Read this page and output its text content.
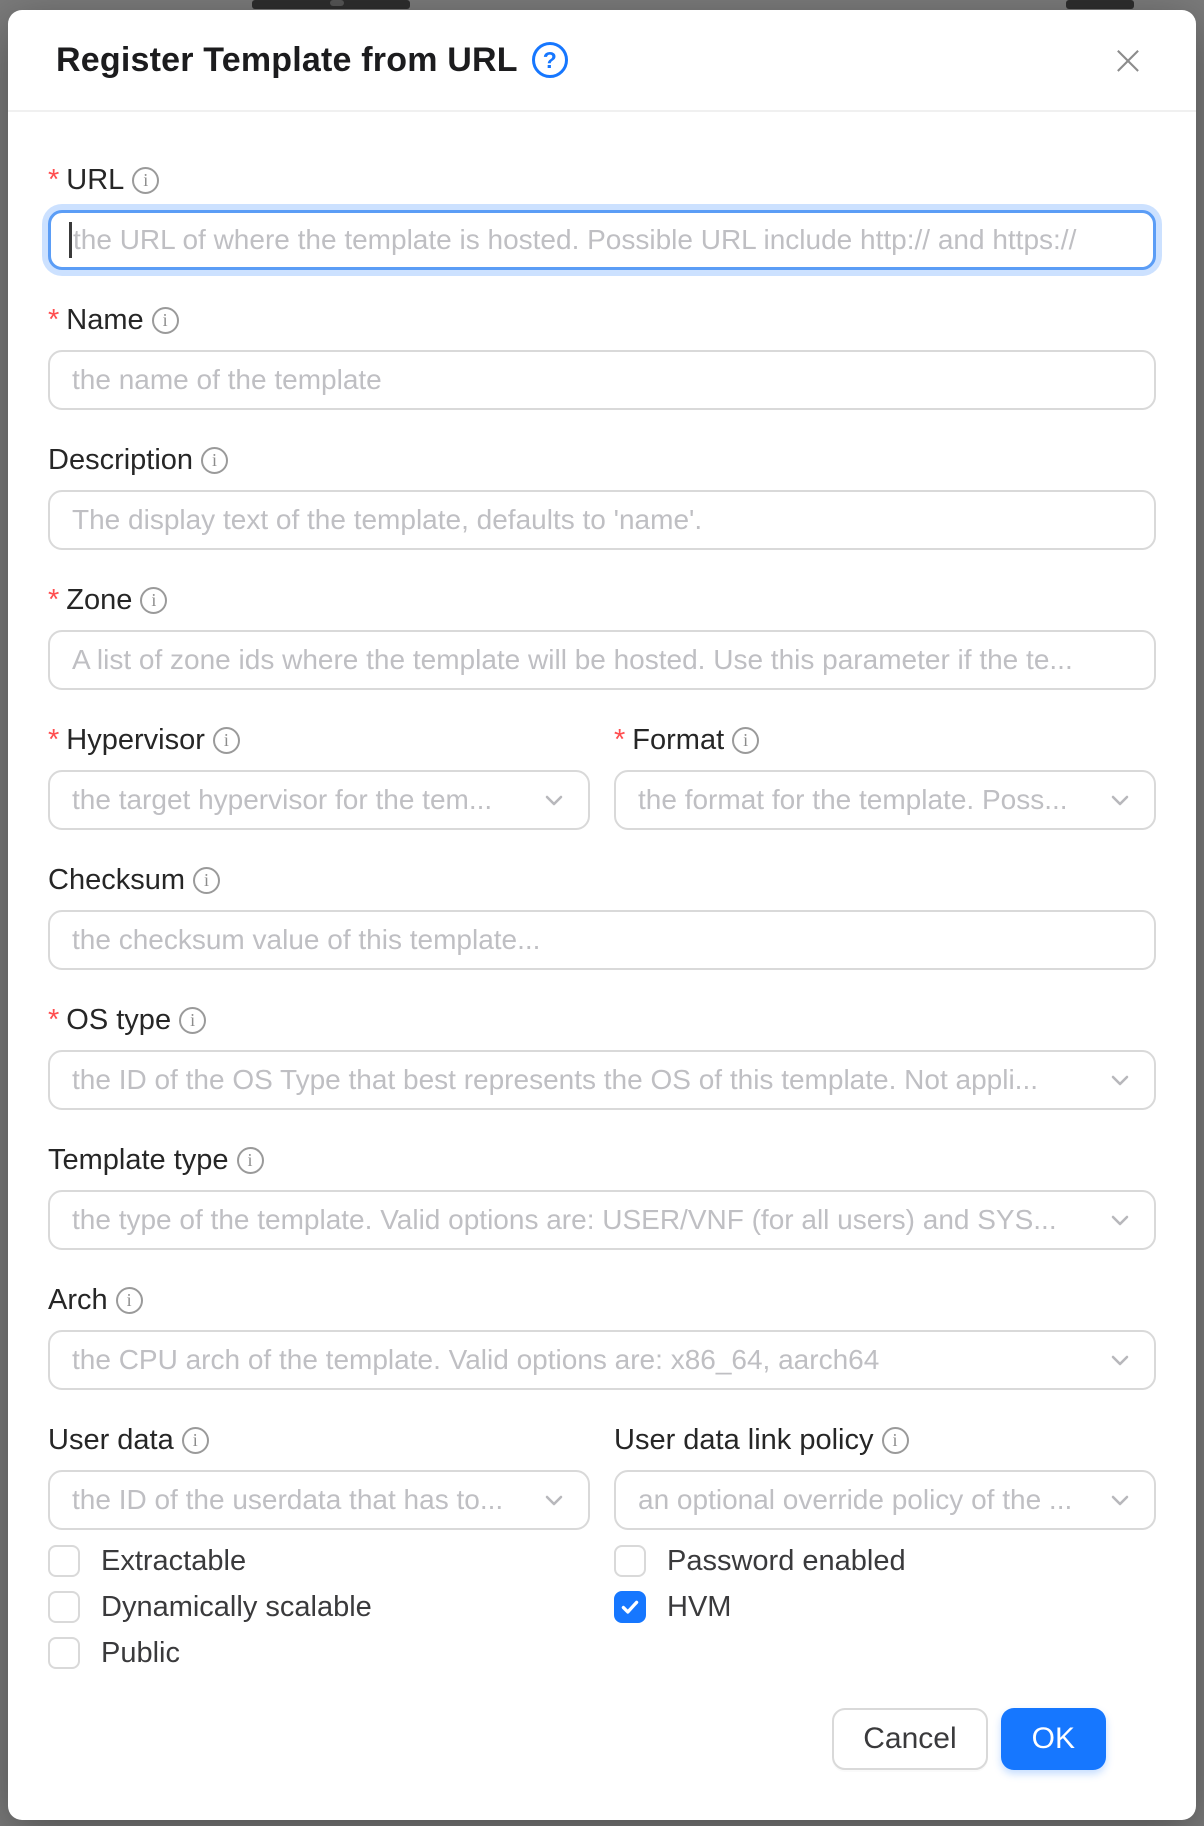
Register Template from URL	?	×
* URL	i
the URL of where the template is hosted. Possible URL include http:// and https://
* Name	i
the name of the template
Description	i
The display text of the template, defaults to 'name'.
* Zone	i
A list of zone ids where the template will be hosted. Use this parameter if the te...
* Hypervisor	i
the target hypervisor for the tem...
* Format	i
the format for the template. Poss...
Checksum	i
the checksum value of this template...
* OS type	i
the ID of the OS Type that best represents the OS of this template. Not appli...
Template type	i
the type of the template. Valid options are: USER/VNF (for all users) and SYS...
Arch	i
the CPU arch of the template. Valid options are: x86_64, aarch64
User data	i
the ID of the userdata that has to...
User data link policy	i
an optional override policy of the ...
Extractable
Dynamically scalable
Public
Password enabled
HVM
Cancel	OK
